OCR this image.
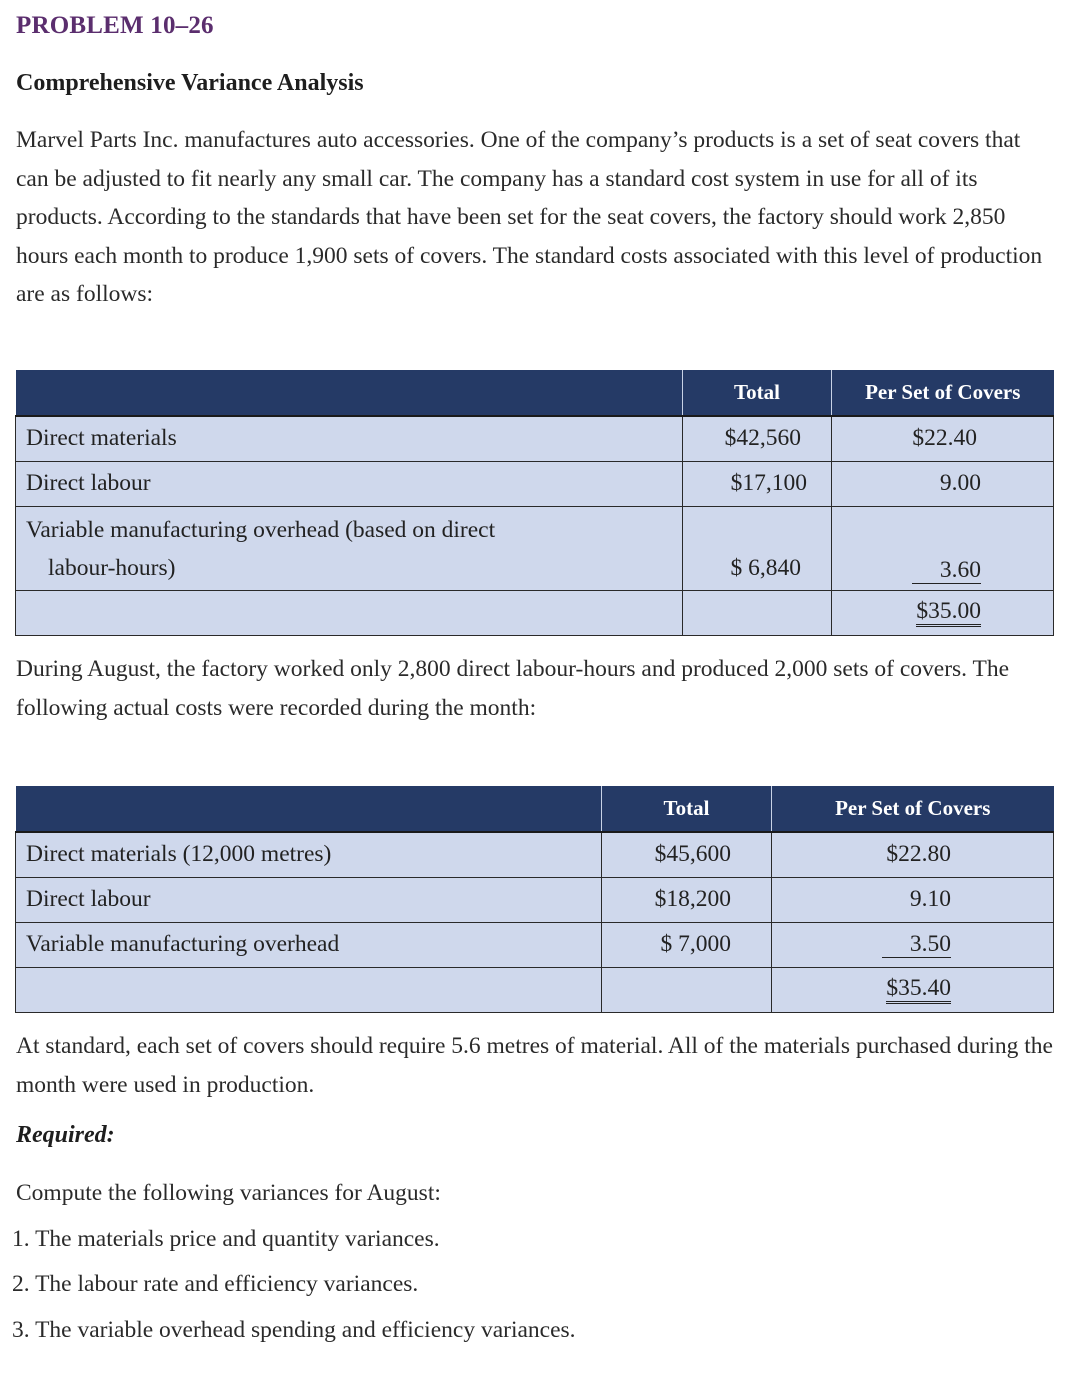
PROBLEM 10–26
Comprehensive Variance Analysis
Marvel Parts Inc. manufactures auto accessories. One of the company’s products is a set of seat covers that can be adjusted to fit nearly any small car. The company has a standard cost system in use for all of its products. According to the standards that have been set for the seat covers, the factory should work 2,850 hours each month to produce 1,900 sets of covers. The standard costs associated with this level of production are as follows:
	Total	Per Set of Covers
Direct materials	$42,560	$22.40
Direct labour	$17,100	9.00

Variable manufacturing overhead (based on direct
labour-hours)	$ 6,840	3.60
		$35.00
During August, the factory worked only 2,800 direct labour-hours and produced 2,000 sets of covers. The following actual costs were recorded during the month:
	Total	Per Set of Covers
Direct materials (12,000 metres)	$45,600	$22.80
Direct labour	$18,200	9.10
Variable manufacturing overhead	$ 7,000	3.50
		$35.40
At standard, each set of covers should require 5.6 metres of material. All of the materials purchased during the month were used in production.
Required:
Compute the following variances for August:
1. The materials price and quantity variances.
2. The labour rate and efficiency variances.
3. The variable overhead spending and efficiency variances.
